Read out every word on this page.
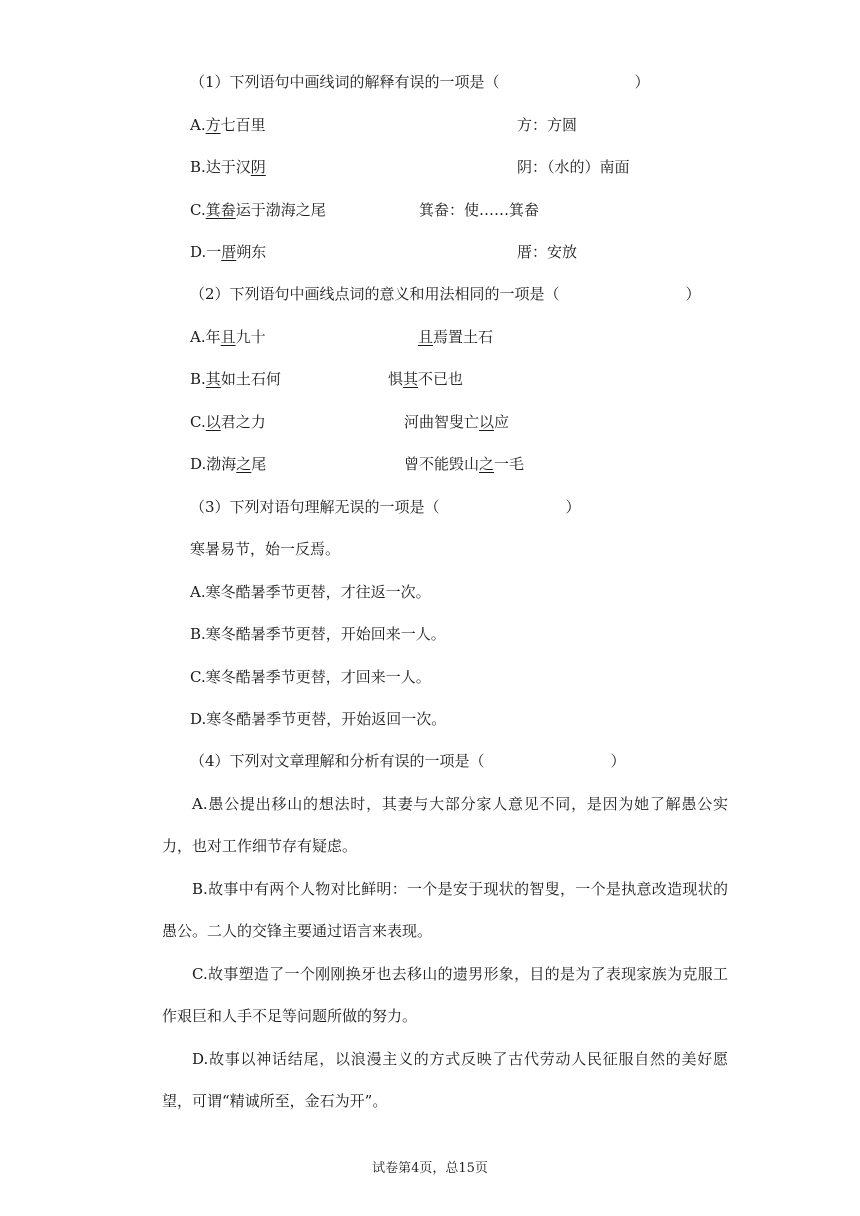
（1）下列语句中画线词的解释有误的一项是（	）
A.方七百里	方：方圆
B.达于汉阴	阴：（水的）南面
C.箕畚运于渤海之尾	箕畚：使……箕畚
D.一厝朔东	厝：安放
（2）下列语句中画线点词的意义和用法相同的一项是（	）
A.年且九十	且焉置土石
B.其如土石何	惧其不已也
C.以君之力	河曲智叟亡以应
D.渤海之尾	曾不能毁山之一毛
（3）下列对语句理解无误的一项是（	）
寒暑易节，始一反焉。
A.寒冬酷暑季节更替，才往返一次。
B.寒冬酷暑季节更替，开始回来一人。
C.寒冬酷暑季节更替，才回来一人。
D.寒冬酷暑季节更替，开始返回一次。
（4）下列对文章理解和分析有误的一项是（	）
A.愚公提出移山的想法时，其妻与大部分家人意见不同，是因为她了解愚公实力，也对工作细节存有疑虑。
B.故事中有两个人物对比鲜明：一个是安于现状的智叟，一个是执意改造现状的愚公。二人的交锋主要通过语言来表现。
C.故事塑造了一个刚刚换牙也去移山的遗男形象，目的是为了表现家族为克服工作艰巨和人手不足等问题所做的努力。
D.故事以神话结尾，以浪漫主义的方式反映了古代劳动人民征服自然的美好愿望，可谓“精诚所至，金石为开”。
试卷第4页，总15页
